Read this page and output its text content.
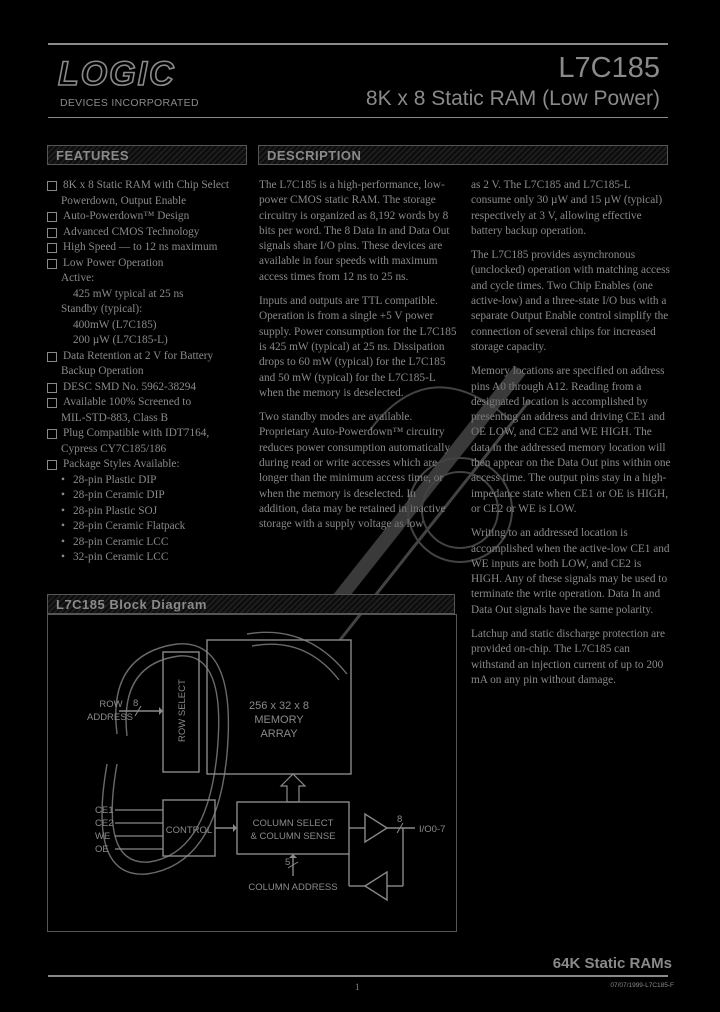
LOGIC
DEVICES INCORPORATED
L7C185
8K x 8 Static RAM (Low Power)
FEATURES	DESCRIPTION
8K x 8 Static RAM with Chip Select
Powerdown, Output Enable
Auto-Powerdown™ Design
Advanced CMOS Technology
High Speed — to 12 ns maximum
Low Power Operation
Active:
425 mW typical at 25 ns
Standby (typical):
400mW (L7C185)
200 µW (L7C185-L)
Data Retention at 2 V for Battery
Backup Operation
DESC SMD No. 5962-38294
Available 100% Screened to
MIL-STD-883, Class B
Plug Compatible with IDT7164,
Cypress CY7C185/186
Package Styles Available:
• 28-pin Plastic DIP
• 28-pin Ceramic DIP
• 28-pin Plastic SOJ
• 28-pin Ceramic Flatpack
• 28-pin Ceramic LCC
• 32-pin Ceramic LCC

The L7C185 is a high-performance, low-power CMOS static RAM. The storage circuitry is organized as 8,192 words by 8 bits per word. The 8 Data In and Data Out signals share I/O pins. These devices are available in four speeds with maximum access times from 12 ns to 25 ns.

Inputs and outputs are TTL compatible. Operation is from a single +5 V power supply. Power consumption for the L7C185 is 425 mW (typical) at 25 ns. Dissipation drops to 60 mW (typical) for the L7C185 and 50 mW (typical) for the L7C185-L when the memory is deselected.

Two standby modes are available. Proprietary Auto-Powerdown™ circuitry reduces power consumption automatically during read or write accesses which are longer than the minimum access time, or when the memory is deselected. In addition, data may be retained in inactive storage with a supply voltage as low

as 2 V. The L7C185 and L7C185-L consume only 30 µW and 15 µW (typical) respectively at 3 V, allowing effective battery backup operation.

The L7C185 provides asynchronous (unclocked) operation with matching access and cycle times. Two Chip Enables (one active-low) and a three-state I/O bus with a separate Output Enable control simplify the connection of several chips for increased storage capacity.

Memory locations are specified on address pins A0 through A12. Reading from a designated location is accomplished by presenting an address and driving CE1 and OE LOW, and CE2 and WE HIGH. The data in the addressed memory location will then appear on the Data Out pins within one access time. The output pins stay in a high-impedance state when CE1 or OE is HIGH, or CE2 or WE is LOW.

Writing to an addressed location is accomplished when the active-low CE1 and WE inputs are both LOW, and CE2 is HIGH. Any of these signals may be used to terminate the write operation. Data In and Data Out signals have the same polarity.

Latchup and static discharge protection are provided on-chip. The L7C185 can withstand an injection current of up to 200 mA on any pin without damage.

L7C185 Block Diagram
ROW SELECT	256 x 32 x 8
MEMORY
ARRAY
ROW
ADDRESS
8
CONTROL
CE1
CE2
WE
OE
COLUMN SELECT
& COLUMN SENSE
8
I/O0-7
5
COLUMN ADDRESS
64K Static RAMs
1	07/07/1999-L7C185-F
